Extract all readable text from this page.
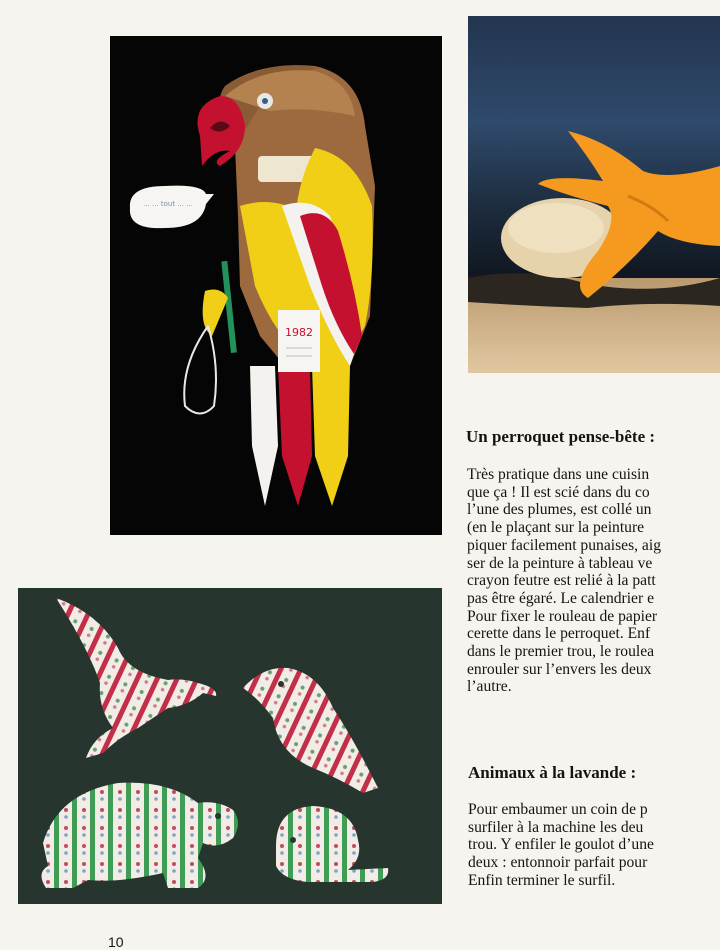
... ... tout ... ...
1982
Un perroquet pense-bête :

Très pratique dans une cuisin
que ça ! Il est scié dans du co
l’une des plumes, est collé un
(en le plaçant sur la peinture
piquer facilement punaises, aig
ser de la peinture à tableau ve
crayon feutre est relié à la patt
pas être égaré. Le calendrier e
Pour fixer le rouleau de papier
cerette dans le perroquet. Enf
dans le premier trou, le roulea
enrouler sur l’envers les deux
l’autre.

Animaux à la lavande :

Pour embaumer un coin de p
surfiler à la machine les deu
trou. Y enfiler le goulot d’une
deux : entonnoir parfait pour
Enfin terminer le surfil.

10
